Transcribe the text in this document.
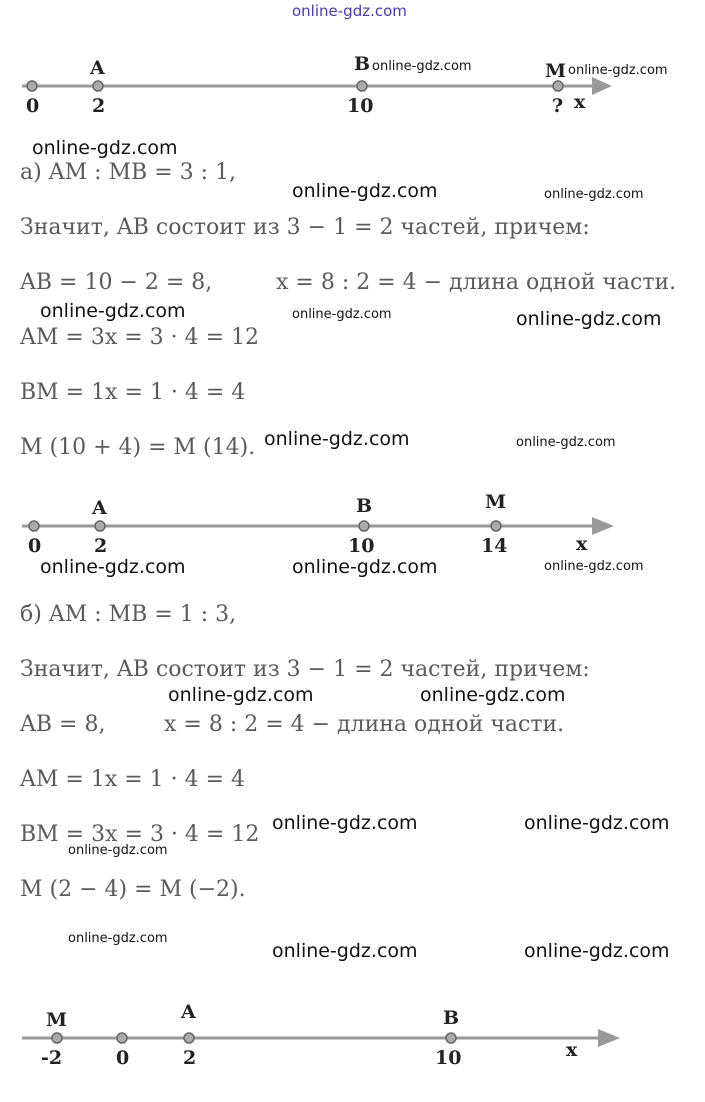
online-gdz.com
A	B	M
0	2	10	? x
online-gdz.com	online-gdz.com
online-gdz.com
а) AM : MB = 3 : 1,
online-gdz.com	online-gdz.com
Значит, AB состоит из 3 − 1 = 2 частей, причем:
AB = 10 − 2 = 8,	x = 8 : 2 = 4 − длина одной части.
online-gdz.com	online-gdz.com	online-gdz.com
AM = 3x = 3 · 4 = 12
BM = 1x = 1 · 4 = 4
M (10 + 4) = M (14). online-gdz.com	online-gdz.com
A	B	M
0	2	10	14	x
online-gdz.com	online-gdz.com	online-gdz.com
б) AM : MB = 1 : 3,
Значит, AB состоит из 3 − 1 = 2 частей, причем:
online-gdz.com	online-gdz.com
AB = 8,	x = 8 : 2 = 4 − длина одной части.
AM = 1x = 1 · 4 = 4
BM = 3x = 3 · 4 = 12 online-gdz.com	online-gdz.com
online-gdz.com
M (2 − 4) = M (−2).
online-gdz.com
online-gdz.com	online-gdz.com
M	A	B
-2	0	2	10	x
